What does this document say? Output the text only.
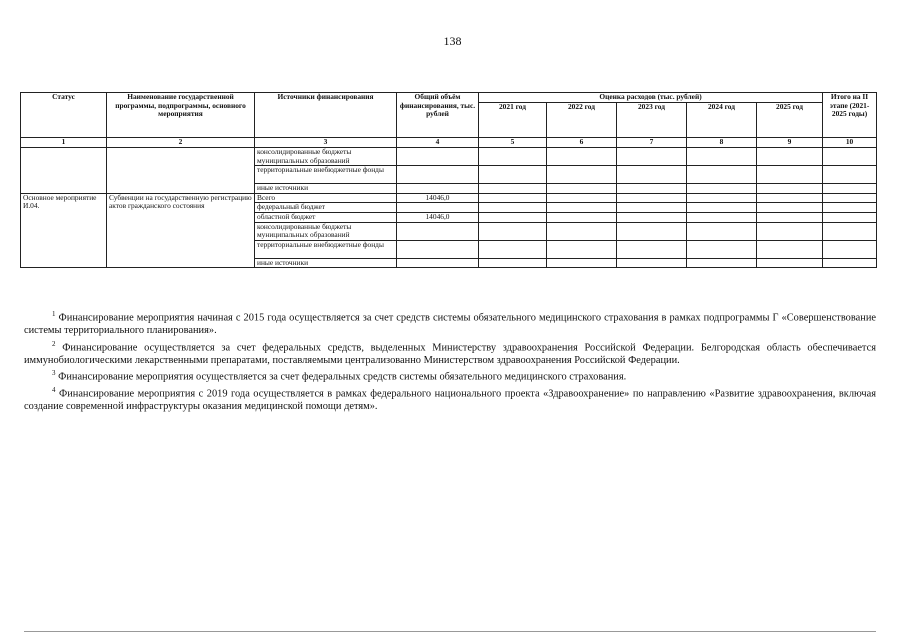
138
Статус	Наименование государственной программы, подпрограммы, основного мероприятия	Источники финансирования	Общий объём финансирования, тыс. рублей	Оценка расходов (тыс. рублей)					Итого на II этапе (2021-2025 годы)
				2021 год	2022 год	2023 год	2024 год	2025 год	
1	2	3	4	5	6	7	8	9	10
		консолидированные бюджеты муниципальных образований							
		территориальные внебюджетные фонды							
		иные источники							
Основное мероприятие И.04.	Субвенции на государственную регистрацию актов гражданского состояния	Всего	14046,0						
		федеральный бюджет							
		областной бюджет	14046,0						
		консолидированные бюджеты муниципальных образований							
		территориальные внебюджетные фонды							
		иные источники							

$^1$ Финансирование мероприятия начиная с 2015 года осуществляется за счет средств системы обязательного медицинского страхования в рамках подпрограммы Г «Совершенствование системы территориального планирования».

$^2$ Финансирование осуществляется за счет федеральных средств, выделенных Министерству здравоохранения Российской Федерации. Белгородская область обеспечивается иммунобиологическими лекарственными препаратами, поставляемыми централизованно Министерством здравоохранения Российской Федерации.

$^3$ Финансирование мероприятия осуществляется за счет федеральных средств системы обязательного медицинского страхования.

$^4$ Финансирование мероприятия с 2019 года осуществляется в рамках федерального национального проекта «Здравоохранение» по направлению «Развитие здравоохранения, включая создание современной инфраструктуры оказания медицинской помощи детям».
